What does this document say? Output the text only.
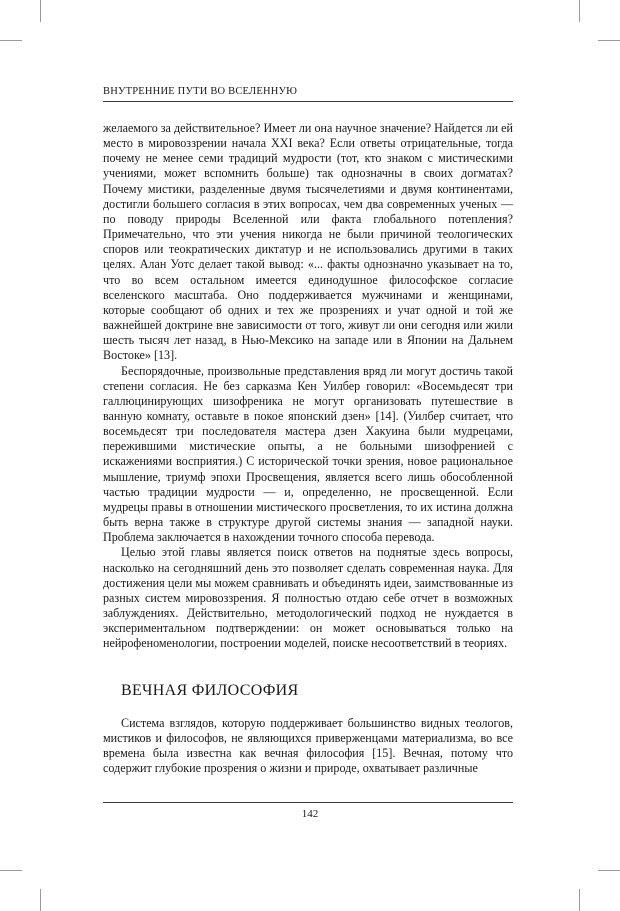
ВНУТРЕННИЕ ПУТИ ВО ВСЕЛЕННУЮ

желаемого за действительное? Имеет ли она научное значение? Найдется ли ей место в мировоззрении начала XXI века? Если ответы отрицательные, тогда почему не менее семи традиций мудрости (тот, кто знаком с мистическими учениями, может вспомнить больше) так однозначны в своих догматах? Почему мистики, разделенные двумя тысячелетиями и двумя континентами, достигли большего согласия в этих вопросах, чем два современных ученых — по поводу природы Вселенной или факта глобального потепления? Примечательно, что эти учения никогда не были причиной теологических споров или теократических диктатур и не использовались другими в таких целях. Алан Уотс делает такой вывод: «... факты однозначно указывает на то, что во всем остальном имеется единодушное философское согласие вселенского масштаба. Оно поддерживается мужчинами и женщинами, которые сообщают об одних и тех же прозрениях и учат одной и той же важнейшей доктрине вне зависимости от того, живут ли они сегодня или жили шесть тысяч лет назад, в Нью-Мексико на западе или в Японии на Дальнем Востоке» [13].

Беспорядочные, произвольные представления вряд ли могут достичь такой степени согласия. Не без сарказма Кен Уилбер говорил: «Восемьдесят три галлюцинирующих шизофреника не могут организовать путешествие в ванную комнату, оставьте в покое японский дзен» [14]. (Уилбер считает, что восемьдесят три последователя мастера дзен Хакуина были мудрецами, пережившими мистические опыты, а не больными шизофренией с искажениями восприятия.) С исторической точки зрения, новое рациональное мышление, триумф эпохи Просвещения, является всего лишь обособленной частью традиции мудрости — и, определенно, не просвещенной. Если мудрецы правы в отношении мистического просветления, то их истина должна быть верна также в структуре другой системы знания — западной науки. Проблема заключается в нахождении точного способа перевода.

Целью этой главы является поиск ответов на поднятые здесь вопросы, насколько на сегодняшний день это позволяет сделать современная наука. Для достижения цели мы можем сравнивать и объединять идеи, заимствованные из разных систем мировоззрения. Я полностью отдаю себе отчет в возможных заблуждениях. Действительно, методологический подход не нуждается в экспериментальном подтверждении: он может основываться только на нейрофеноменологии, построении моделей, поиске несоответствий в теориях.

ВЕЧНАЯ ФИЛОСОФИЯ

Система взглядов, которую поддерживает большинство видных теологов, мистиков и философов, не являющихся приверженцами материализма, во все времена была известна как вечная философия [15]. Вечная, потому что содержит глубокие прозрения о жизни и природе, охватывает различные

142
